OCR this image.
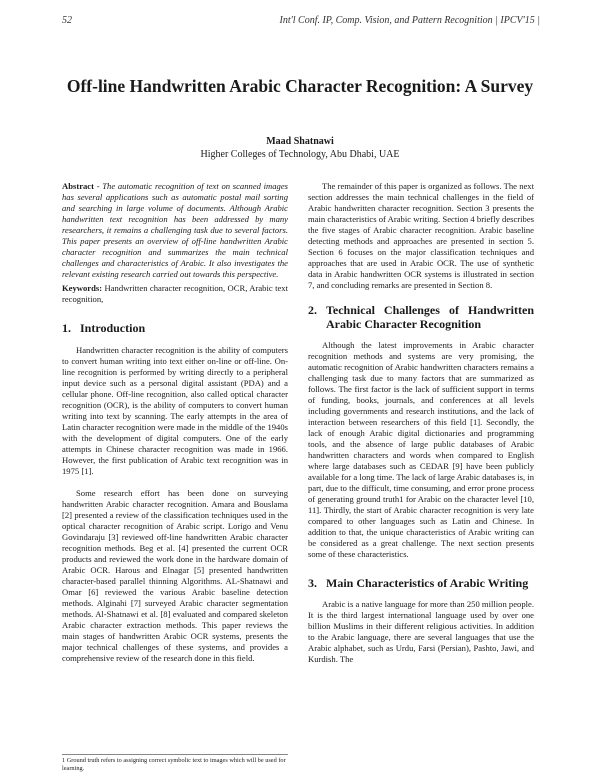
52	Int'l Conf. IP, Comp. Vision, and Pattern Recognition | IPCV'15 |
Off-line Handwritten Arabic Character Recognition: A Survey
Maad Shatnawi
Higher Colleges of Technology, Abu Dhabi, UAE

Abstract - The automatic recognition of text on scanned images has several applications such as automatic postal mail sorting and searching in large volume of documents. Although Arabic handwritten text recognition has been addressed by many researchers, it remains a challenging task due to several factors. This paper presents an overview of off-line handwritten Arabic character recognition and summarizes the main technical challenges and characteristics of Arabic. It also investigates the relevant existing research carried out towards this perspective.

Keywords: Handwritten character recognition, OCR, Arabic text recognition,

1. Introduction

Handwritten character recognition is the ability of computers to convert human writing into text either on-line or off-line. On-line recognition is performed by writing directly to a peripheral input device such as a personal digital assistant (PDA) and a cellular phone. Off-line recognition, also called optical character recognition (OCR), is the ability of computers to convert human writing into text by scanning. The early attempts in the area of Latin character recognition were made in the middle of the 1940s with the development of digital computers. One of the early attempts in Chinese character recognition was made in 1966. However, the first publication of Arabic text recognition was in 1975 [1].

Some research effort has been done on surveying handwritten Arabic character recognition. Amara and Bouslama [2] presented a review of the classification techniques used in the optical character recognition of Arabic script. Lorigo and Venu Govindaraju [3] reviewed off-line handwritten Arabic character recognition methods. Beg et al. [4] presented the current OCR products and reviewed the work done in the hardware domain of Arabic OCR. Harous and Elnagar [5] presented handwritten character-based parallel thinning Algorithms. AL-Shatnawi and Omar [6] reviewed the various Arabic baseline detection methods. Alginahi [7] surveyed Arabic character segmentation methods. Al-Shatnawi et al. [8] evaluated and compared skeleton Arabic character extraction methods. This paper reviews the main stages of handwritten Arabic OCR systems, presents the major technical challenges of these systems, and provides a comprehensive review of the research done in this field.

The remainder of this paper is organized as follows. The next section addresses the main technical challenges in the field of Arabic handwritten character recognition. Section 3 presents the main characteristics of Arabic writing. Section 4 briefly describes the five stages of Arabic character recognition. Arabic baseline detecting methods and approaches are presented in section 5. Section 6 focuses on the major classification techniques and approaches that are used in Arabic OCR. The use of synthetic data in Arabic handwritten OCR systems is illustrated in section 7, and concluding remarks are presented in Section 8.

2. Technical Challenges of Handwritten Arabic Character Recognition

Although the latest improvements in Arabic character recognition methods and systems are very promising, the automatic recognition of Arabic handwritten characters remains a challenging task due to many factors that are summarized as follows. The first factor is the lack of sufficient support in terms of funding, books, journals, and conferences at all levels including governments and research institutions, and the lack of interaction between researchers of this field [1]. Secondly, the lack of enough Arabic digital dictionaries and programming tools, and the absence of large public databases of Arabic handwritten characters and words when compared to English where large databases such as CEDAR [9] have been publicly available for a long time. The lack of large Arabic databases is, in part, due to the difficult, time consuming, and error prone process of generating ground truth1 for Arabic on the character level [10, 11]. Thirdly, the start of Arabic character recognition is very late compared to other languages such as Latin and Chinese. In addition to that, the unique characteristics of Arabic writing can be considered as a great challenge. The next section presents some of these characteristics.

3. Main Characteristics of Arabic Writing

Arabic is a native language for more than 250 million people. It is the third largest international language used by over one billion Muslims in their different religious activities. In addition to the Arabic language, there are several languages that use the Arabic alphabet, such as Urdu, Farsi (Persian), Pashto, Jawi, and Kurdish. The

1 Ground truth refers to assigning correct symbolic text to images which will be used for learning.
